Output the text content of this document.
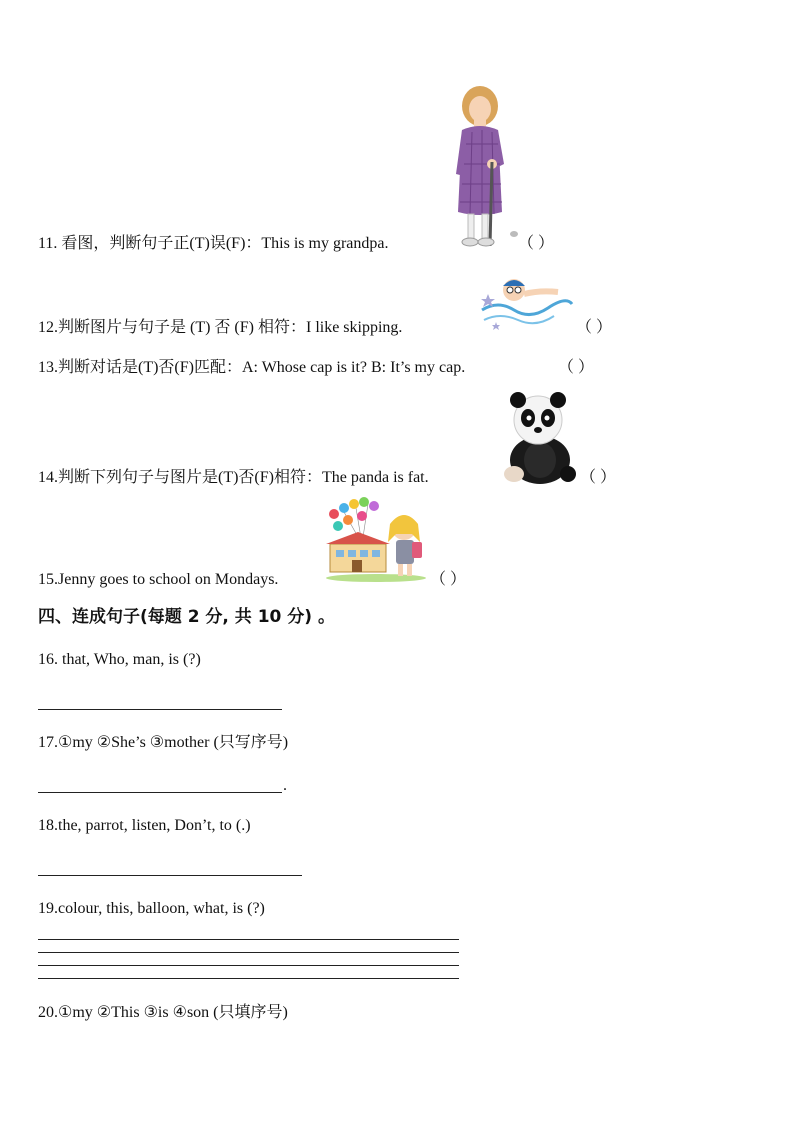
11. 看图，判断句子正(T)误(F)：This is my grandpa.	（ ）
12.判断图片与句子是 (T) 否 (F) 相符：I like skipping.	（ ）
13.判断对话是(T)否(F)匹配：A: Whose cap is it? B: It’s my cap.	（ ）
14.判断下列句子与图片是(T)否(F)相符：The panda is fat.	（ ）
15.Jenny goes to school on Mondays.	（ ）
四、连成句子(每题 2 分, 共 10 分) 。
16. that, Who, man, is (?)
17.①my ②She’s ③mother (只写序号)
.
18.the, parrot, listen, Don’t, to (.)
19.colour, this, balloon, what, is (?)
20.①my ②This ③is ④son (只填序号)
